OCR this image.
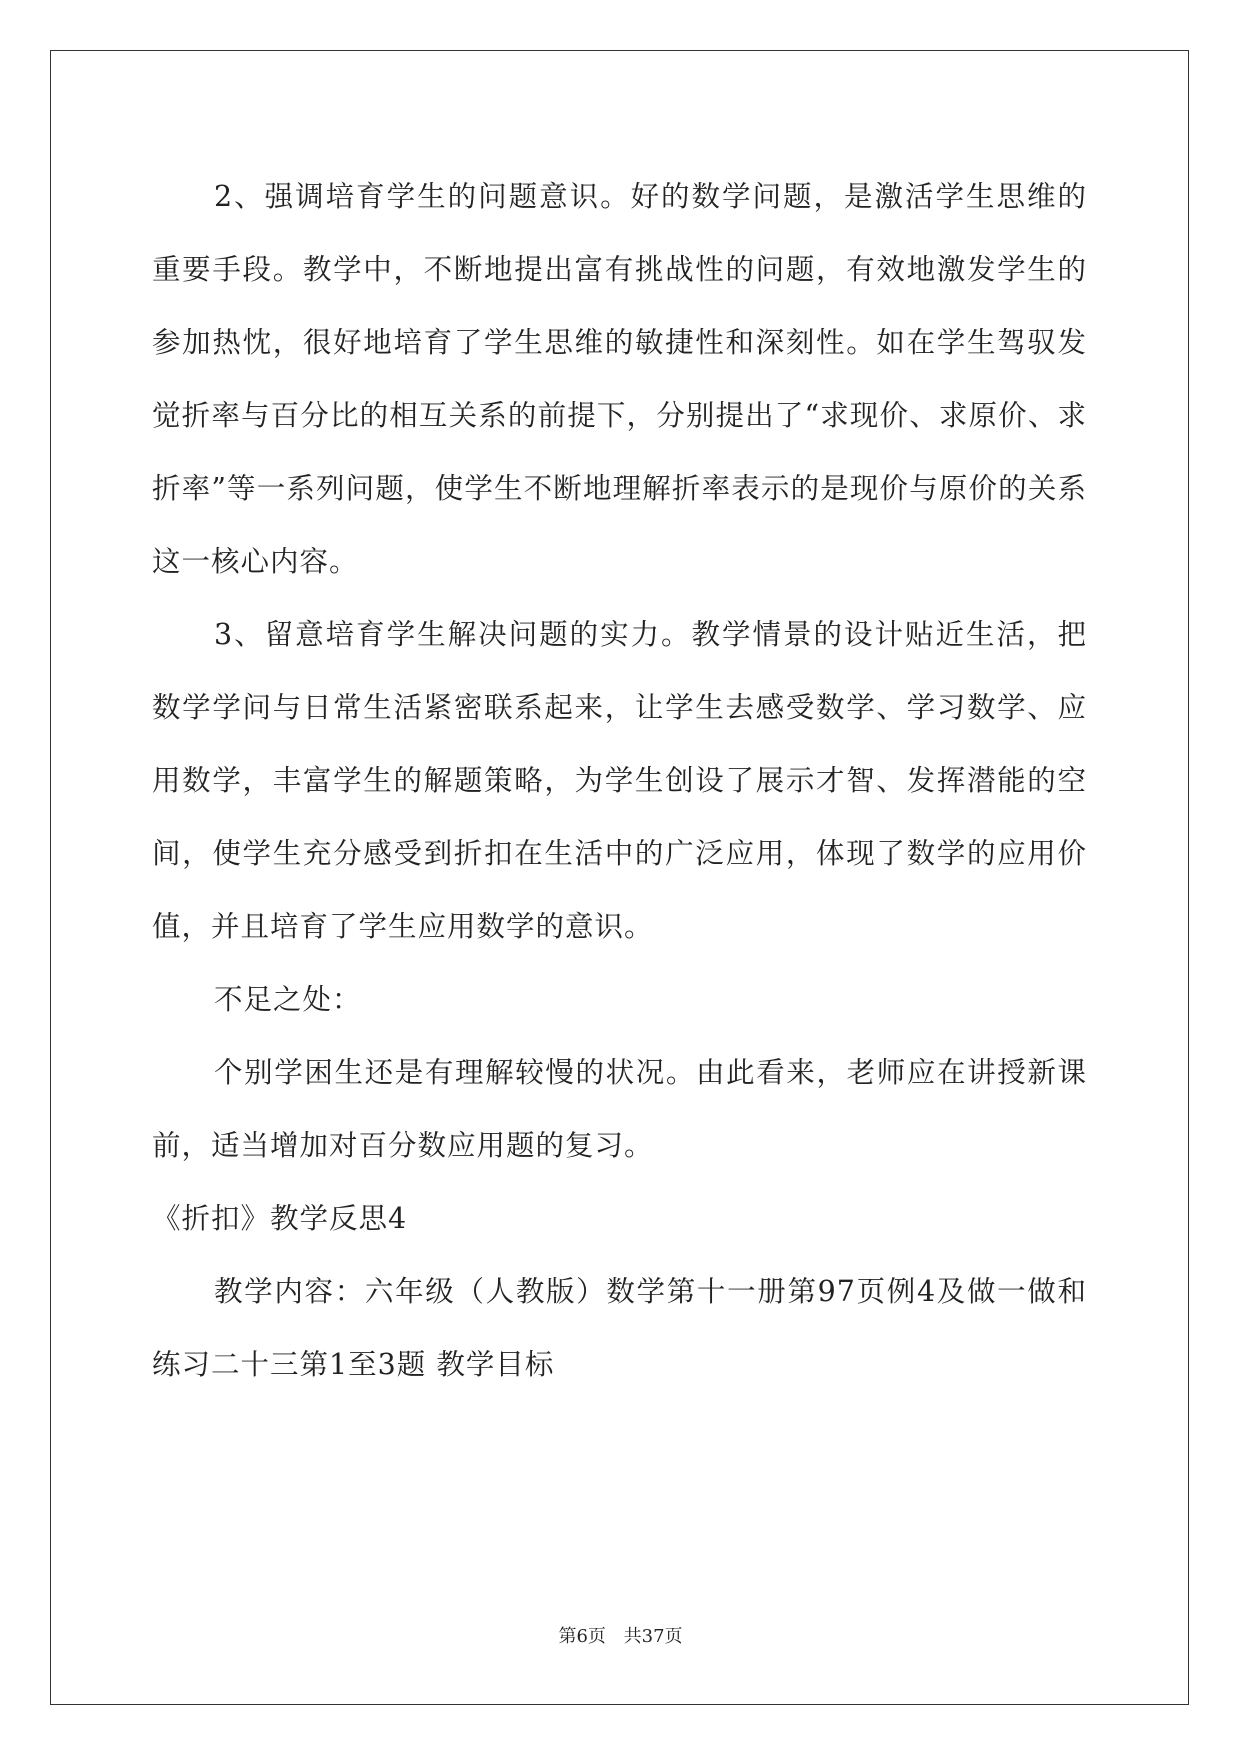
2、强调培育学生的问题意识。好的数学问题，是激活学生思维的重要手段。教学中，不断地提出富有挑战性的问题，有效地激发学生的参加热忱，很好地培育了学生思维的敏捷性和深刻性。如在学生驾驭发觉折率与百分比的相互关系的前提下，分别提出了“求现价、求原价、求折率”等一系列问题，使学生不断地理解折率表示的是现价与原价的关系这一核心内容。

3、留意培育学生解决问题的实力。教学情景的设计贴近生活，把数学学问与日常生活紧密联系起来，让学生去感受数学、学习数学、应用数学，丰富学生的解题策略，为学生创设了展示才智、发挥潜能的空间，使学生充分感受到折扣在生活中的广泛应用，体现了数学的应用价值，并且培育了学生应用数学的意识。

不足之处：

个别学困生还是有理解较慢的状况。由此看来，老师应在讲授新课前，适当增加对百分数应用题的复习。

《折扣》教学反思4

教学内容：六年级（人教版）数学第十一册第97页例4及做一做和练习二十三第1至3题 教学目标

第6页 共37页
